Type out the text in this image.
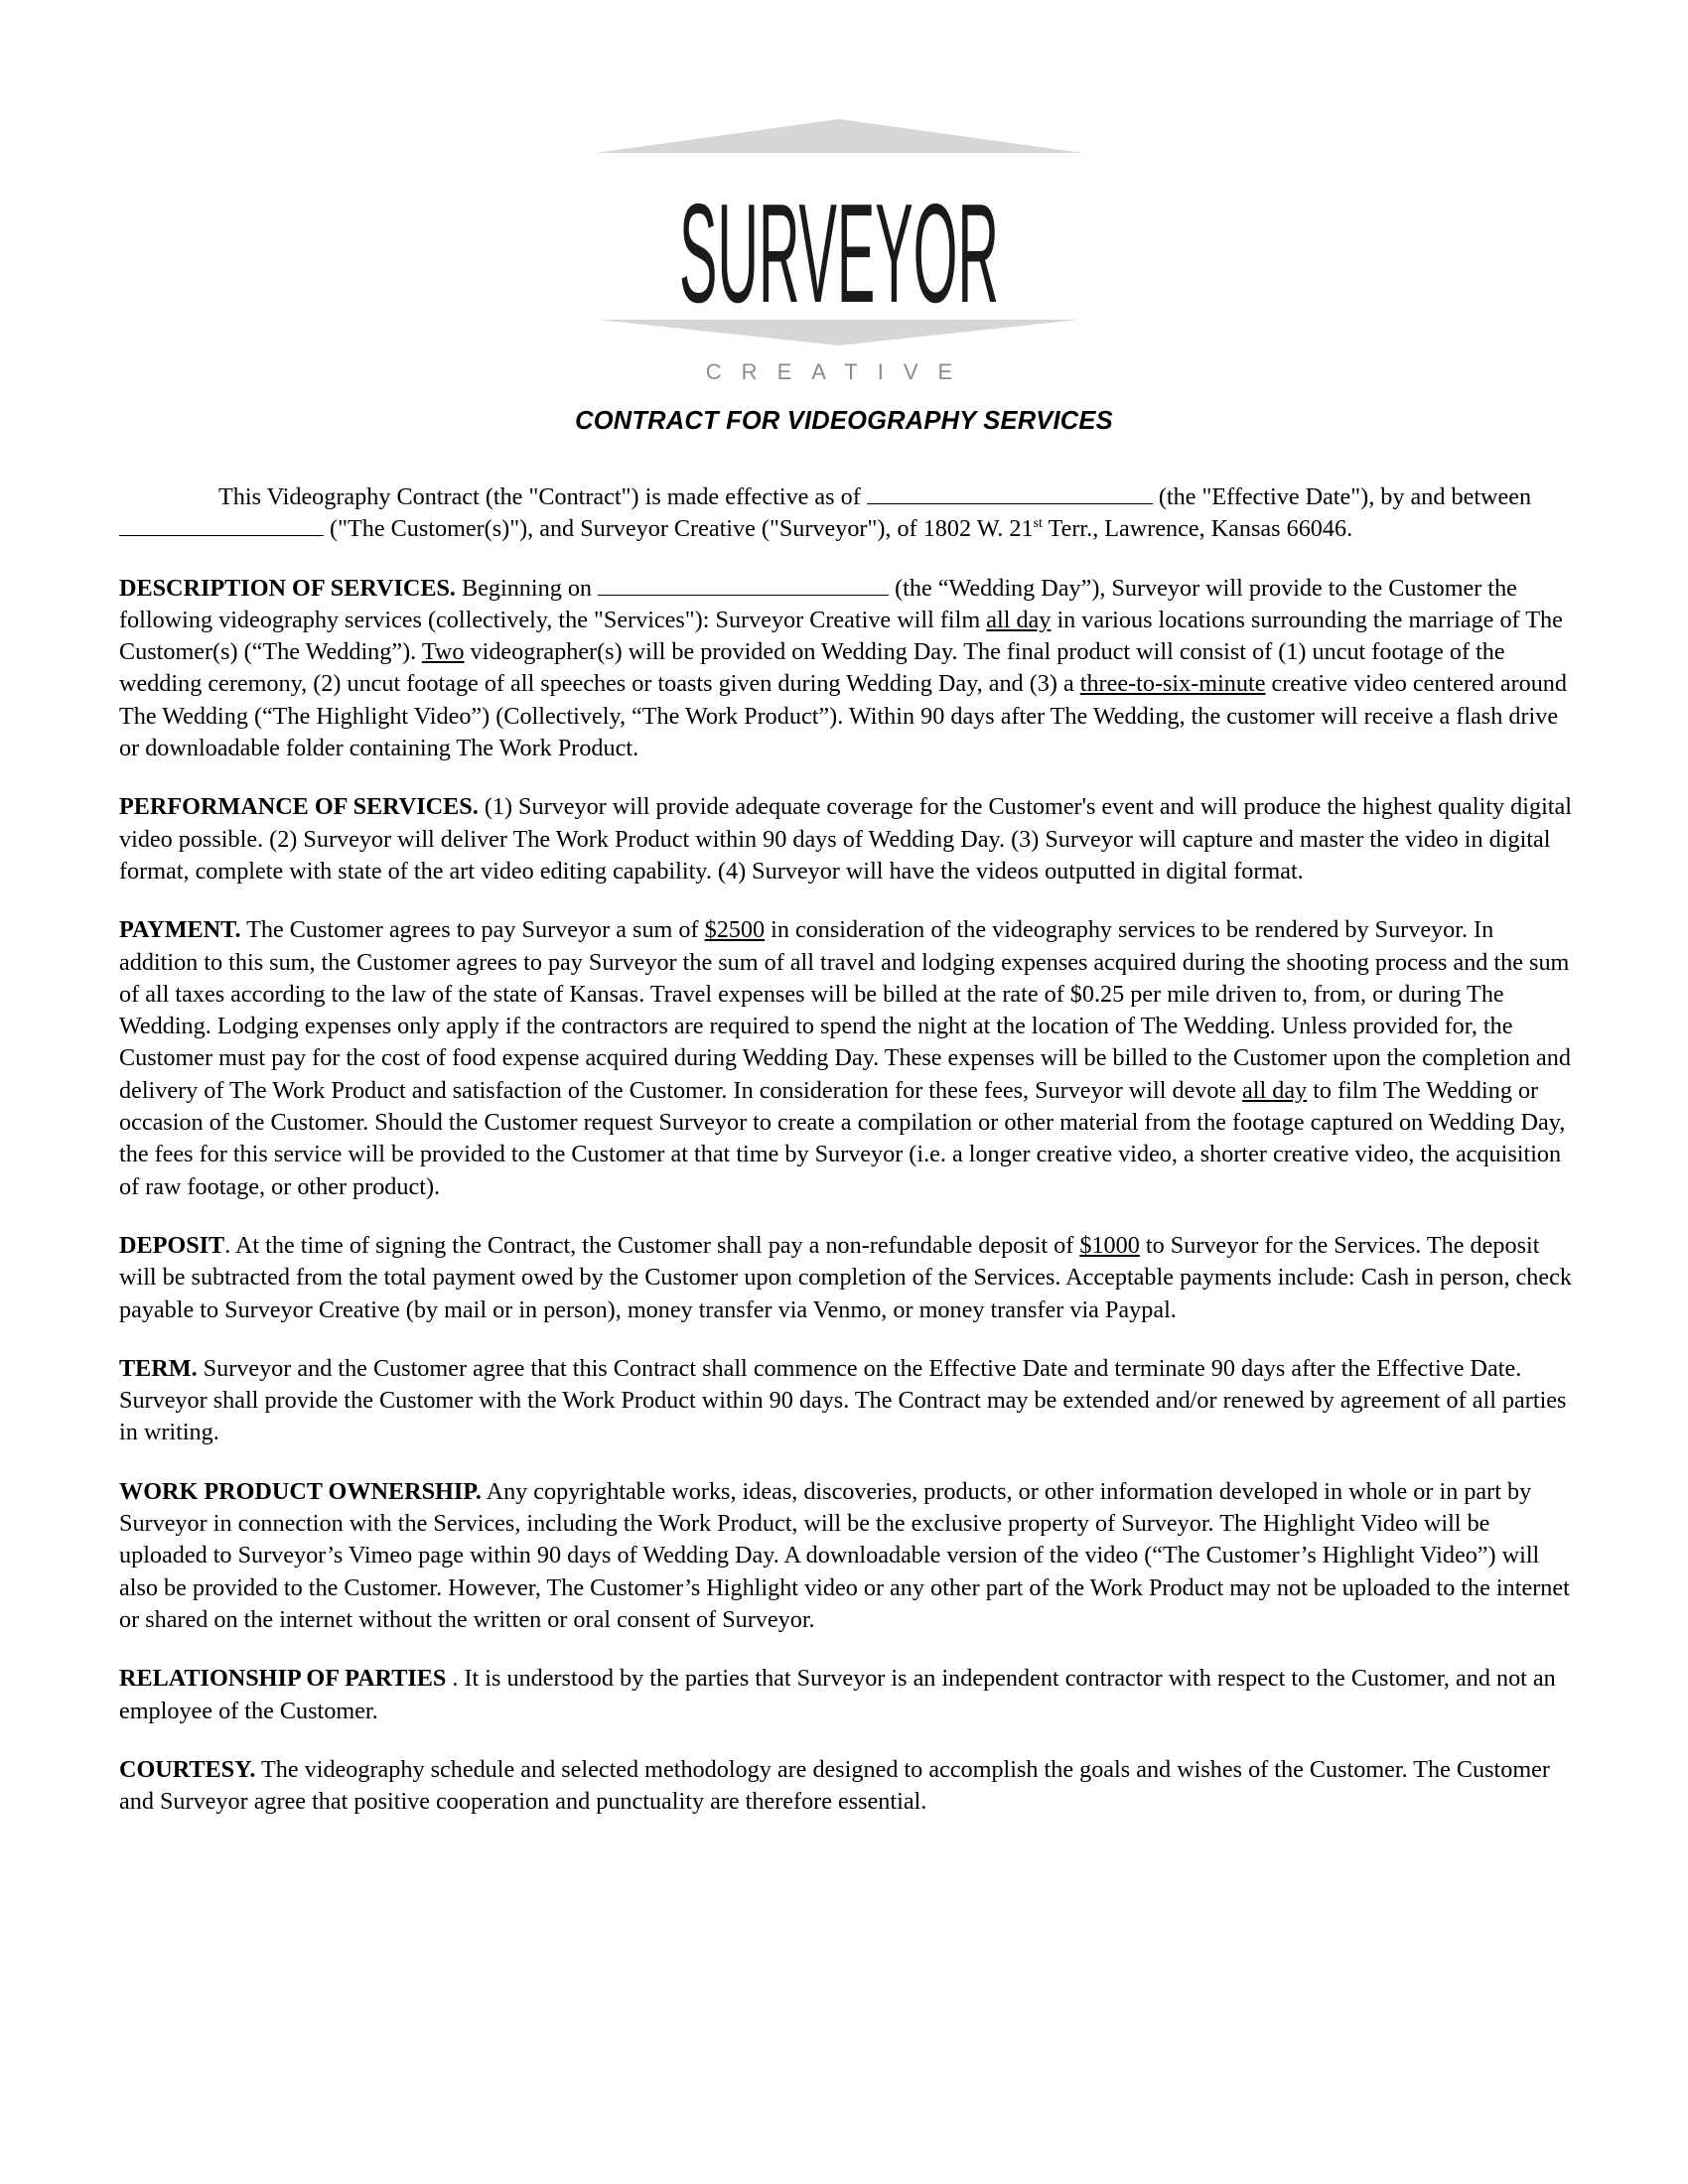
SURVEYOR
CREATIVE
CONTRACT FOR VIDEOGRAPHY SERVICES

This Videography Contract (the "Contract") is made effective as of	(the "Effective Date"), by and between  ("The Customer(s)"), and Surveyor Creative ("Surveyor"), of 1802 W. 21st Terr., Lawrence, Kansas 66046.

DESCRIPTION OF SERVICES. Beginning on	(the “Wedding Day”), Surveyor will provide to the Customer the following videography services (collectively, the "Services"): Surveyor Creative will film all day in various locations surrounding the marriage of The Customer(s) (“The Wedding”). Two videographer(s) will be provided on Wedding Day. The final product will consist of (1) uncut footage of the wedding ceremony, (2) uncut footage of all speeches or toasts given during Wedding Day, and (3) a three-to-six-minute creative video centered around The Wedding (“The Highlight Video”) (Collectively, “The Work Product”). Within 90 days after The Wedding, the customer will receive a flash drive or downloadable folder containing The Work Product.

PERFORMANCE OF SERVICES. (1) Surveyor will provide adequate coverage for the Customer's event and will produce the highest quality digital video possible. (2) Surveyor will deliver The Work Product within 90 days of Wedding Day. (3) Surveyor will capture and master the video in digital format, complete with state of the art video editing capability. (4) Surveyor will have the videos outputted in digital format.

PAYMENT. The Customer agrees to pay Surveyor a sum of $2500 in consideration of the videography services to be rendered by Surveyor. In addition to this sum, the Customer agrees to pay Surveyor the sum of all travel and lodging expenses acquired during the shooting process and the sum of all taxes according to the law of the state of Kansas. Travel expenses will be billed at the rate of $0.25 per mile driven to, from, or during The Wedding. Lodging expenses only apply if the contractors are required to spend the night at the location of The Wedding. Unless provided for, the Customer must pay for the cost of food expense acquired during Wedding Day. These expenses will be billed to the Customer upon the completion and delivery of The Work Product and satisfaction of the Customer. In consideration for these fees, Surveyor will devote all day to film The Wedding or occasion of the Customer. Should the Customer request Surveyor to create a compilation or other material from the footage captured on Wedding Day, the fees for this service will be provided to the Customer at that time by Surveyor (i.e. a longer creative video, a shorter creative video, the acquisition of raw footage, or other product).

DEPOSIT. At the time of signing the Contract, the Customer shall pay a non-refundable deposit of $1000 to Surveyor for the Services. The deposit will be subtracted from the total payment owed by the Customer upon completion of the Services. Acceptable payments include: Cash in person, check payable to Surveyor Creative (by mail or in person), money transfer via Venmo, or money transfer via Paypal.

TERM. Surveyor and the Customer agree that this Contract shall commence on the Effective Date and terminate 90 days after the Effective Date. Surveyor shall provide the Customer with the Work Product within 90 days. The Contract may be extended and/or renewed by agreement of all parties in writing.

WORK PRODUCT OWNERSHIP. Any copyrightable works, ideas, discoveries, products, or other information developed in whole or in part by Surveyor in connection with the Services, including the Work Product, will be the exclusive property of Surveyor. The Highlight Video will be uploaded to Surveyor’s Vimeo page within 90 days of Wedding Day. A downloadable version of the video (“The Customer’s Highlight Video”) will also be provided to the Customer. However, The Customer’s Highlight video or any other part of the Work Product may not be uploaded to the internet or shared on the internet without the written or oral consent of Surveyor.

RELATIONSHIP OF PARTIES . It is understood by the parties that Surveyor is an independent contractor with respect to the Customer, and not an employee of the Customer.

COURTESY. The videography schedule and selected methodology are designed to accomplish the goals and wishes of the Customer. The Customer and Surveyor agree that positive cooperation and punctuality are therefore essential.
